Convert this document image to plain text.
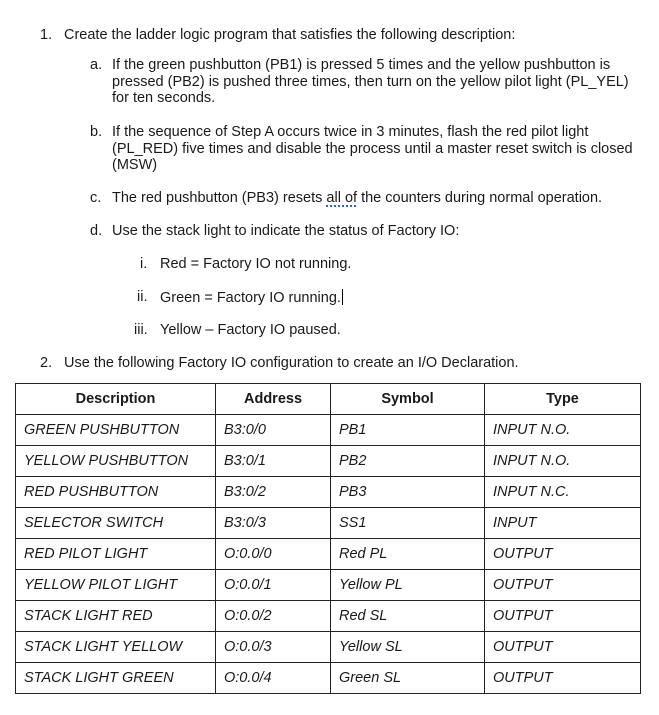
1. Create the ladder logic program that satisfies the following description:
a. If the green pushbutton (PB1) is pressed 5 times and the yellow pushbutton is pressed (PB2) is pushed three times, then turn on the yellow pilot light (PL_YEL) for ten seconds.
b. If the sequence of Step A occurs twice in 3 minutes, flash the red pilot light (PL_RED) five times and disable the process until a master reset switch is closed (MSW)
c. The red pushbutton (PB3) resets all of the counters during normal operation.
d. Use the stack light to indicate the status of Factory IO:
i. Red = Factory IO not running.
ii. Green = Factory IO running.
iii. Yellow – Factory IO paused.
2. Use the following Factory IO configuration to create an I/O Declaration.
Description	Address	Symbol	Type
GREEN PUSHBUTTON	B3:0/0	PB1	INPUT N.O.
YELLOW PUSHBUTTON	B3:0/1	PB2	INPUT N.O.
RED PUSHBUTTON	B3:0/2	PB3	INPUT N.C.
SELECTOR SWITCH	B3:0/3	SS1	INPUT
RED PILOT LIGHT	O:0.0/0	Red PL	OUTPUT
YELLOW PILOT LIGHT	O:0.0/1	Yellow PL	OUTPUT
STACK LIGHT RED	O:0.0/2	Red SL	OUTPUT
STACK LIGHT YELLOW	O:0.0/3	Yellow SL	OUTPUT
STACK LIGHT GREEN	O:0.0/4	Green SL	OUTPUT
